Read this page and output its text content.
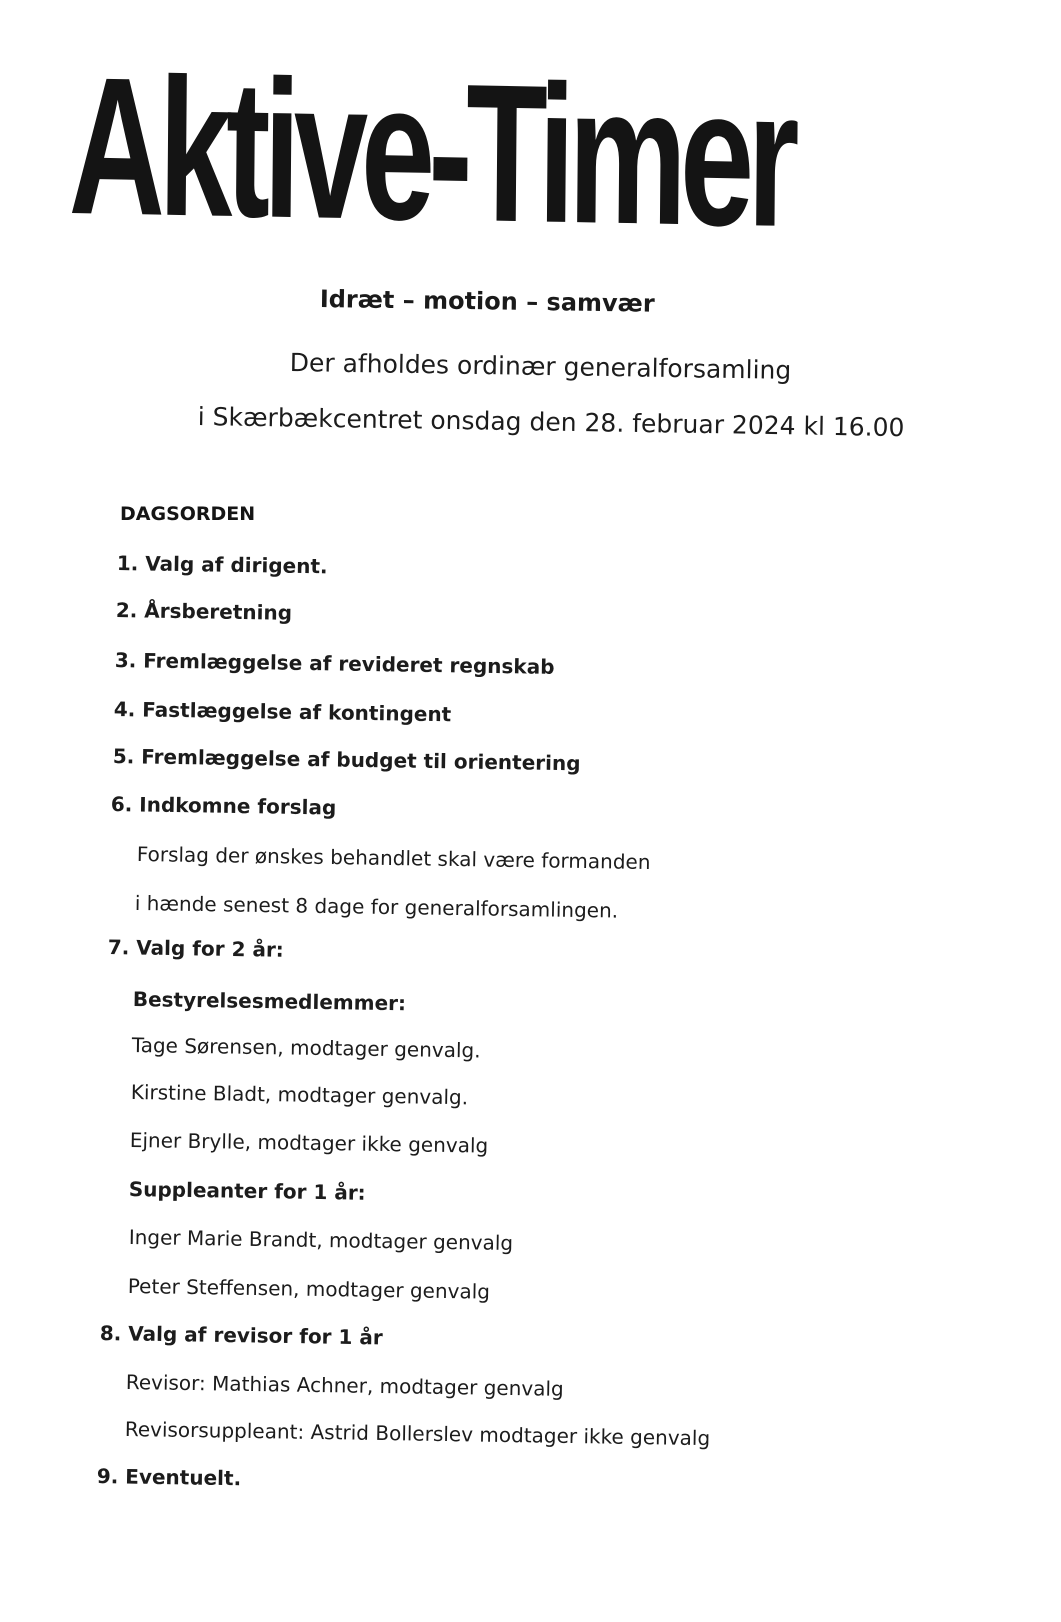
Aktive-Timer
Idræt – motion – samvær
Der afholdes ordinær generalforsamling
i Skærbækcentret onsdag den 28. februar 2024 kl 16.00
DAGSORDEN
1. Valg af dirigent.
2. Årsberetning
3. Fremlæggelse af revideret regnskab
4. Fastlæggelse af kontingent
5. Fremlæggelse af budget til orientering
6. Indkomne forslag
Forslag der ønskes behandlet skal være formanden
i hænde senest 8 dage for generalforsamlingen.
7. Valg for 2 år:
Bestyrelsesmedlemmer:
Tage Sørensen, modtager genvalg.
Kirstine Bladt, modtager genvalg.
Ejner Brylle, modtager ikke genvalg
Suppleanter for 1 år:
Inger Marie Brandt, modtager genvalg
Peter Steffensen, modtager genvalg
8. Valg af revisor for 1 år
Revisor: Mathias Achner, modtager genvalg
Revisorsuppleant: Astrid Bollerslev modtager ikke genvalg
9. Eventuelt.
